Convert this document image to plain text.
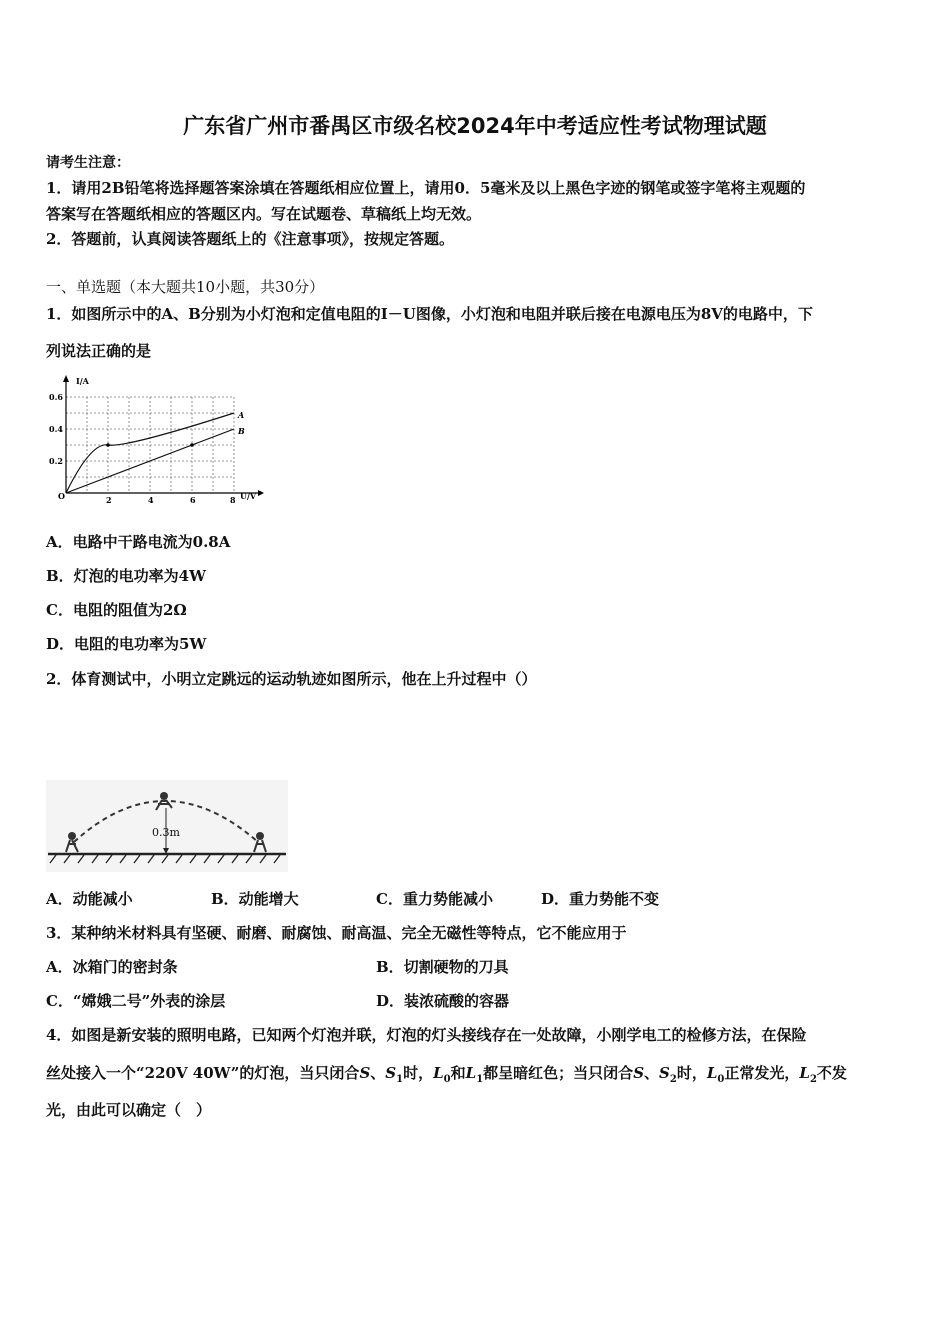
广东省广州市番禺区市级名校2024年中考适应性考试物理试题
请考生注意：
1．请用2B铅笔将选择题答案涂填在答题纸相应位置上，请用0．5毫米及以上黑色字迹的钢笔或签字笔将主观题的
答案写在答题纸相应的答题区内。写在试题卷、草稿纸上均无效。
2．答题前，认真阅读答题纸上的《注意事项》，按规定答题。
一、单选题（本大题共10小题，共30分）
1．如图所示中的A、B分别为小灯泡和定值电阻的I－U图像，小灯泡和电阻并联后接在电源电压为8V的电路中，下
列说法正确的是
I/A
U/V
0.6
0.4
0.2
2	4	6	8
O
A
B
A．电路中干路电流为0.8A
B．灯泡的电功率为4W
C．电阻的阻值为2Ω
D．电阻的电功率为5W
2．体育测试中，小明立定跳远的运动轨迹如图所示，他在上升过程中（）
0.3m
A．动能减小	B．动能增大	C．重力势能减小	D．重力势能不变
3．某种纳米材料具有坚硬、耐磨、耐腐蚀、耐高温、完全无磁性等特点，它不能应用于
A．冰箱门的密封条	B．切割硬物的刀具
C．“嫦娥二号”外表的涂层	D．装浓硫酸的容器
4．如图是新安装的照明电路，已知两个灯泡并联，灯泡的灯头接线存在一处故障，小刚学电工的检修方法，在保险
丝处接入一个“220V 40W”的灯泡，当只闭合S、$S_1$时，$L_0$和$L_1$都呈暗红色；当只闭合S、$S_2$时，$L_0$正常发光，$L_2$不发
光，由此可以确定（　）
